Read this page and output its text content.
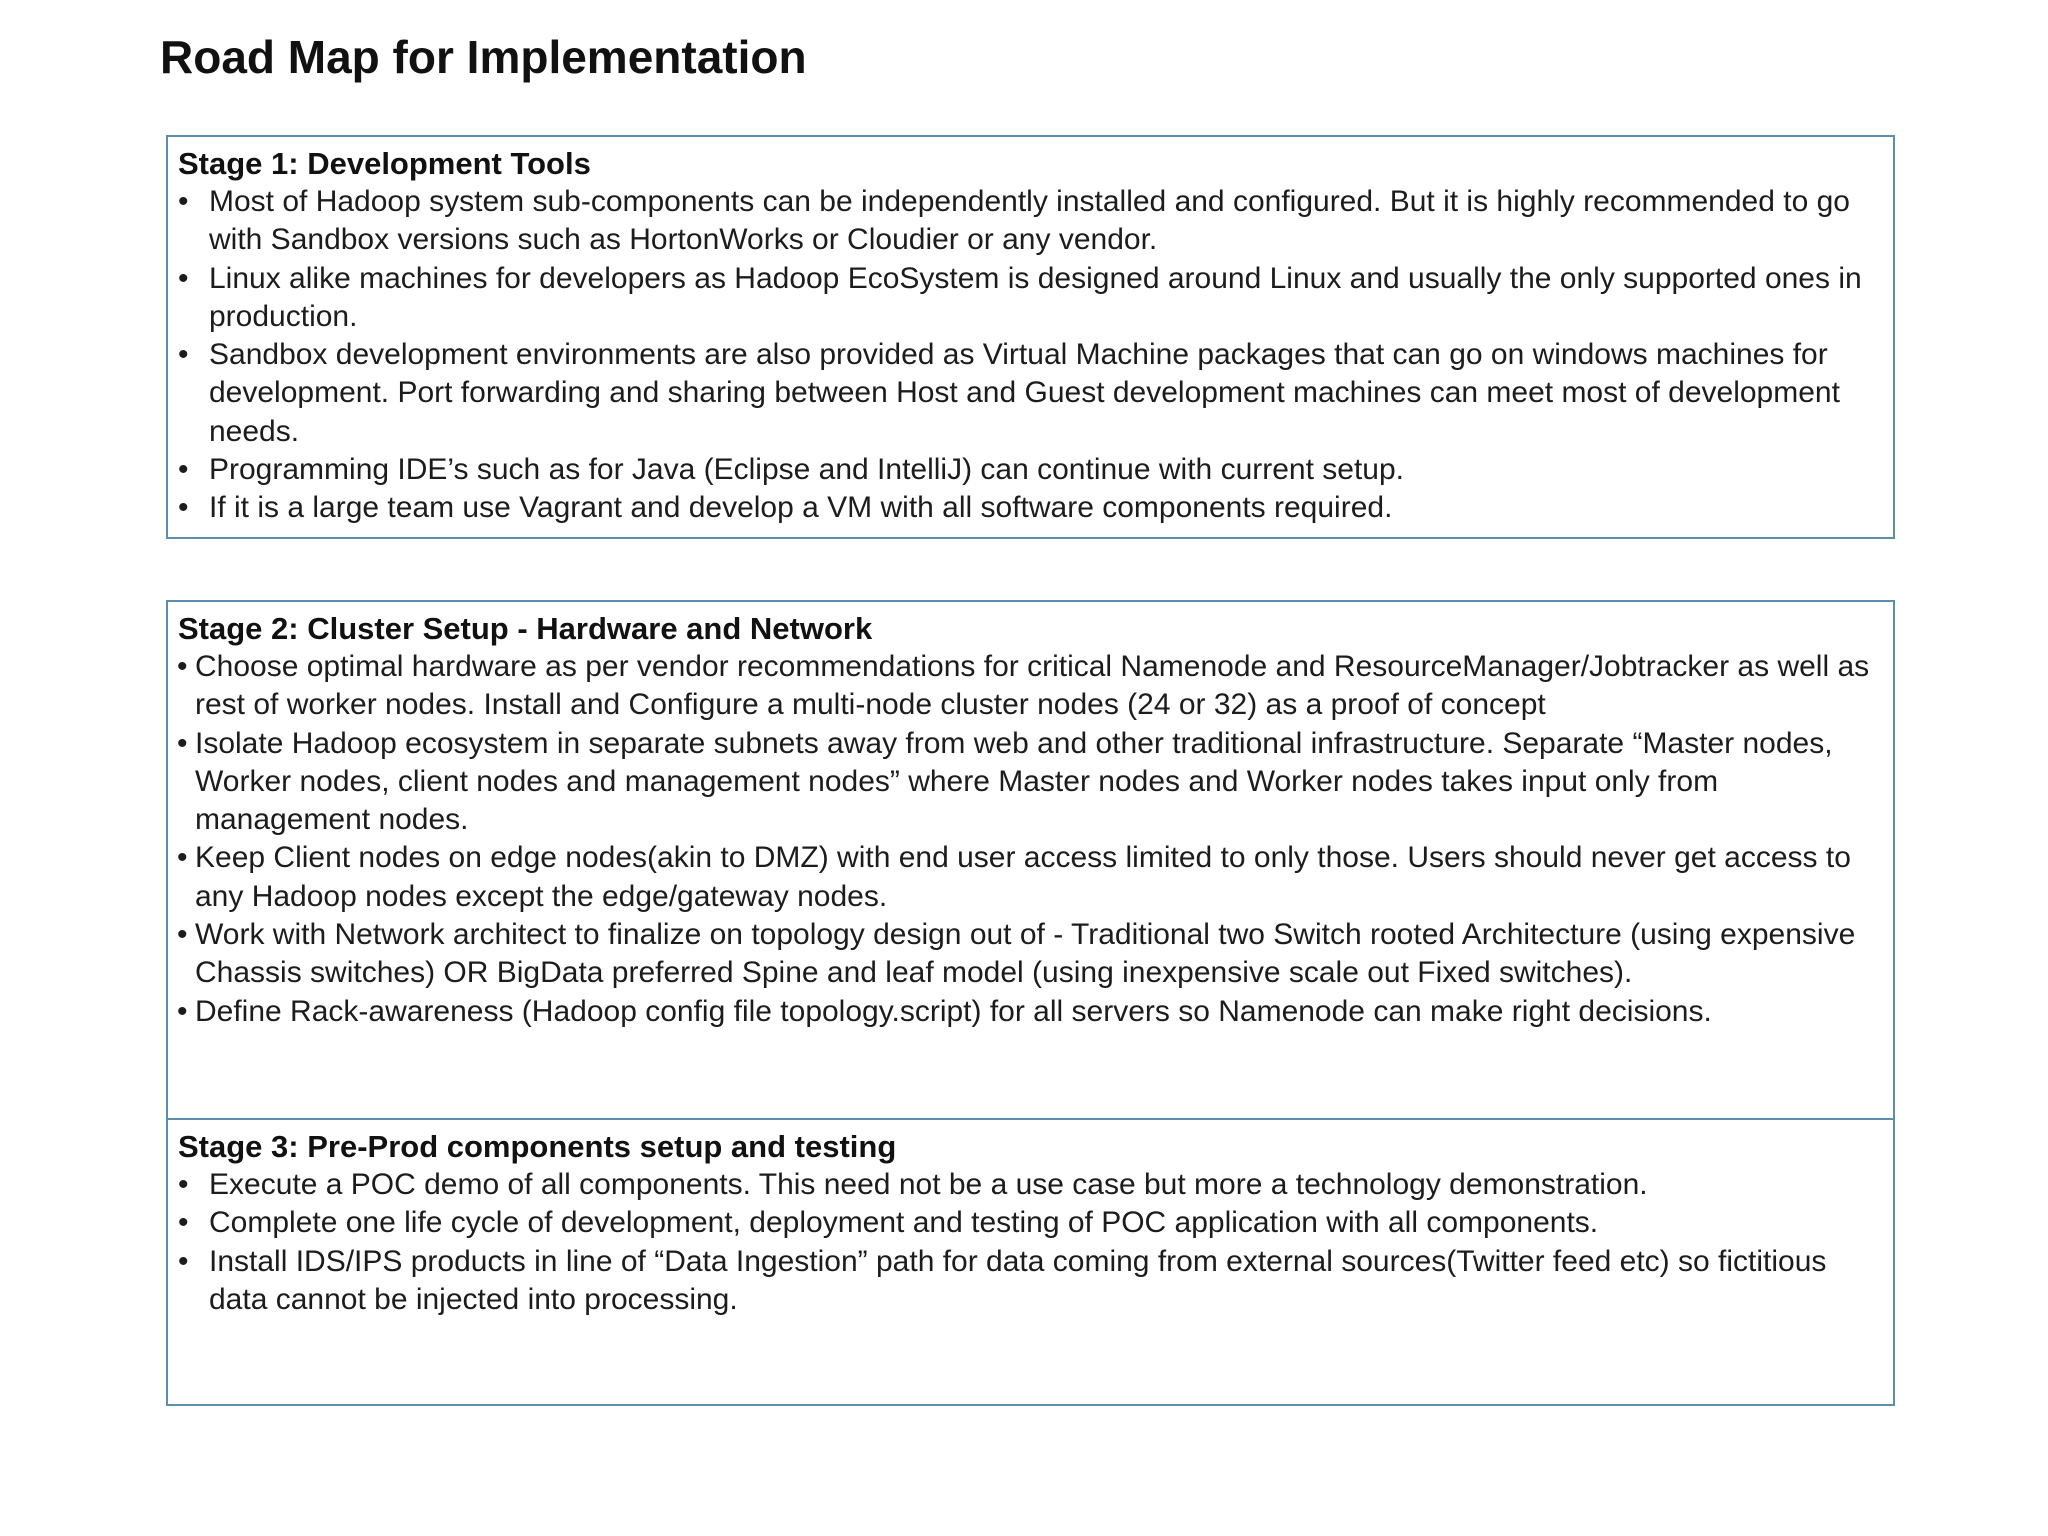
Road Map for Implementation
Stage 1: Development Tools
• Most of Hadoop system sub-components can be independently installed and configured. But it is highly recommended to go with Sandbox versions such as HortonWorks or Cloudier or any vendor.
• Linux alike machines for developers as Hadoop EcoSystem is designed around Linux and usually the only supported ones in production.
• Sandbox development environments are also provided as Virtual Machine packages that can go on windows machines for development. Port forwarding and sharing between Host and Guest development machines can meet most of development needs.
• Programming IDE’s such as for Java (Eclipse and IntelliJ) can continue with current setup.
• If it is a large team use Vagrant and develop a VM with all software components required.
Stage 2: Cluster Setup - Hardware and Network
• Choose optimal hardware as per vendor recommendations for critical Namenode and ResourceManager/Jobtracker as well as rest of worker nodes. Install and Configure a multi-node cluster nodes (24 or 32) as a proof of concept
• Isolate Hadoop ecosystem in separate subnets away from web and other traditional infrastructure. Separate “Master nodes, Worker nodes, client nodes and management nodes” where Master nodes and Worker nodes takes input only from management nodes.
• Keep Client nodes on edge nodes(akin to DMZ) with end user access limited to only those. Users should never get access to any Hadoop nodes except the edge/gateway nodes.
• Work with Network architect to finalize on topology design out of - Traditional two Switch rooted Architecture (using expensive Chassis switches) OR BigData preferred Spine and leaf model (using inexpensive scale out Fixed switches).
• Define Rack-awareness (Hadoop config file topology.script) for all servers so Namenode can make right decisions.
Stage 3: Pre-Prod components setup and testing
• Execute a POC demo of all components. This need not be a use case but more a technology demonstration.
• Complete one life cycle of development, deployment and testing of POC application with all components.
• Install IDS/IPS products in line of “Data Ingestion” path for data coming from external sources(Twitter feed etc) so fictitious data cannot be injected into processing.
